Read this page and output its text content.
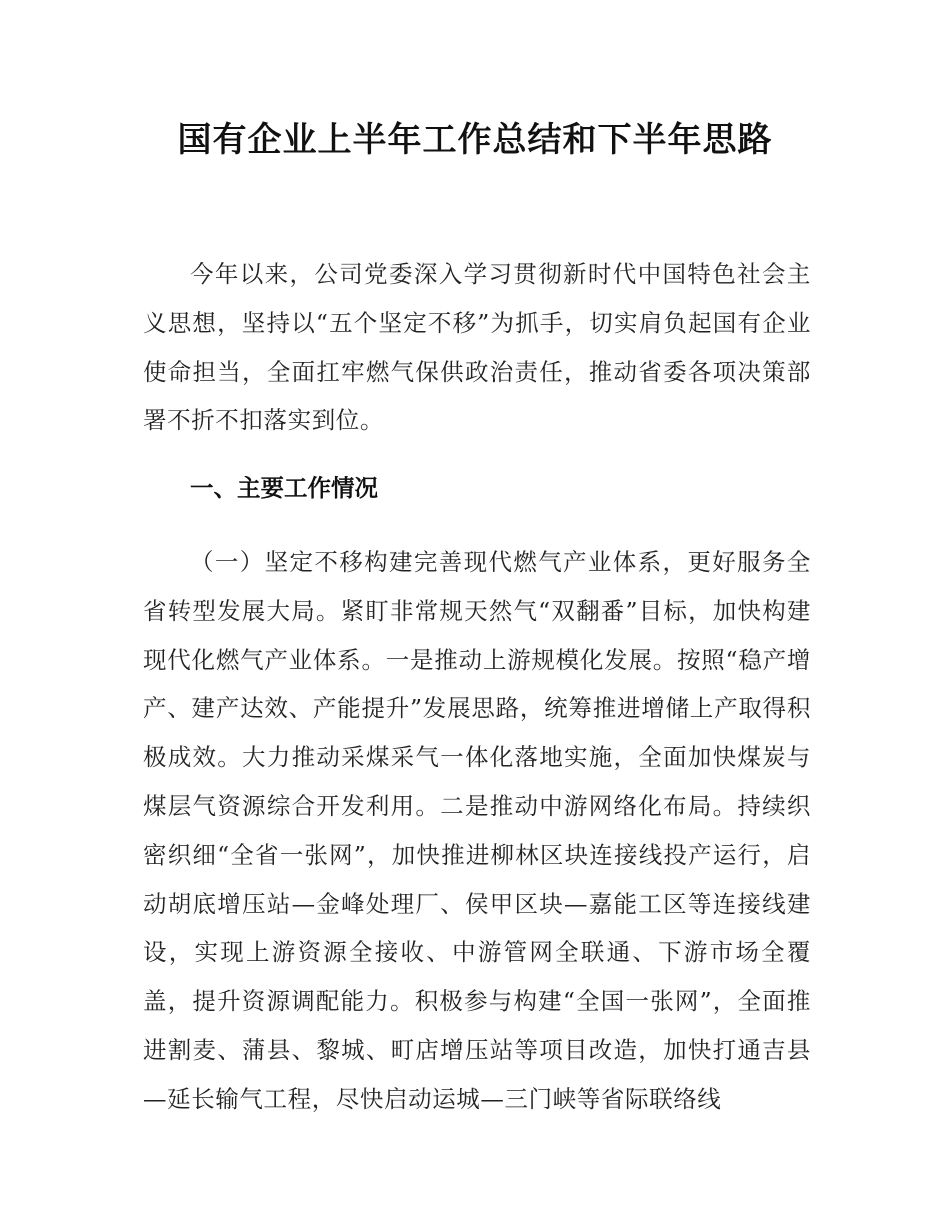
国有企业上半年工作总结和下半年思路

今年以来，公司党委深入学习贯彻新时代中国特色社会主义思想，坚持以“五个坚定不移”为抓手，切实肩负起国有企业使命担当，全面扛牢燃气保供政治责任，推动省委各项决策部署不折不扣落实到位。

一、主要工作情况

（一）坚定不移构建完善现代燃气产业体系，更好服务全省转型发展大局。紧盯非常规天然气“双翻番”目标，加快构建现代化燃气产业体系。一是推动上游规模化发展。按照“稳产增产、建产达效、产能提升”发展思路，统筹推进增储上产取得积极成效。大力推动采煤采气一体化落地实施，全面加快煤炭与煤层气资源综合开发利用。二是推动中游网络化布局。持续织密织细“全省一张网”，加快推进柳林区块连接线投产运行，启动胡底增压站—金峰处理厂、侯甲区块—嘉能工区等连接线建设，实现上游资源全接收、中游管网全联通、下游市场全覆盖，提升资源调配能力。积极参与构建“全国一张网”，全面推进割麦、蒲县、黎城、町店增压站等项目改造，加快打通吉县—延长输气工程，尽快启动运城—三门峡等省际联络线
